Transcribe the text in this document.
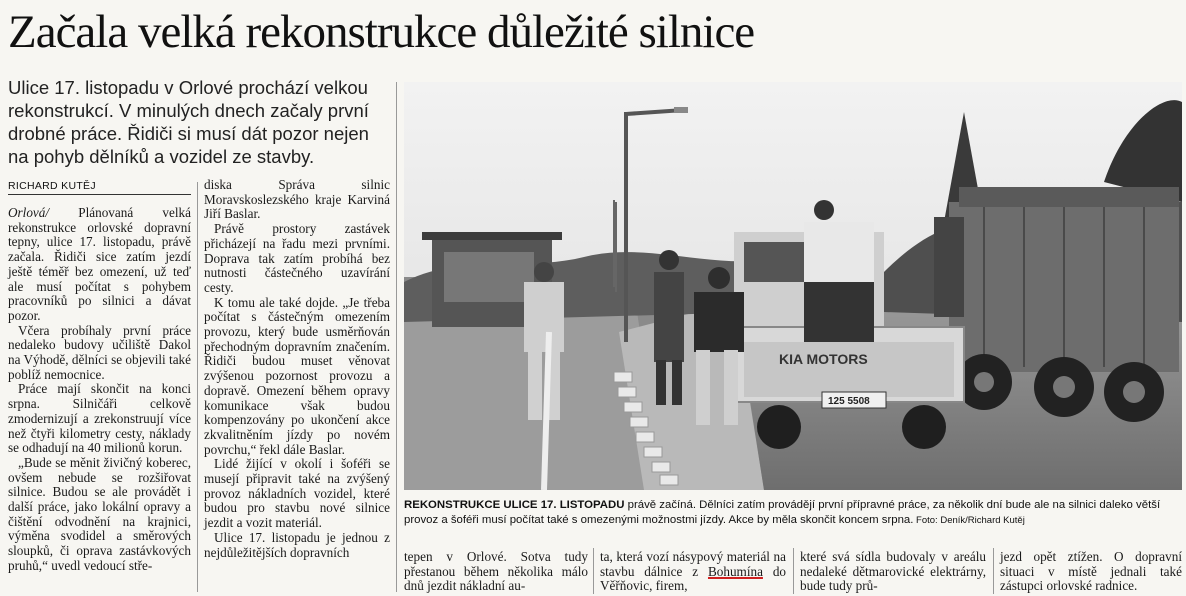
Začala velká rekonstrukce důležité silnice
Ulice 17. listopadu v Orlové prochází velkou rekonstrukcí. V minulých dnech začaly první drobné práce. Řidiči si musí dát pozor nejen na pohyb dělníků a vozidel ze stavby.
RICHARD KUTĚJ

Orlová/ Plánovaná velká rekonstrukce orlovské dopravní tepny, ulice 17. listopadu, právě začala. Řidiči sice zatím jezdí ještě téměř bez omezení, už teď ale musí počítat s pohybem pracovníků po silnici a dávat pozor.

Včera probíhaly první práce nedaleko budovy učiliště Dakol na Výhodě, dělníci se objevili také poblíž nemocnice.

Práce mají skončit na konci srpna. Silničáři celkově zmodernizují a zrekonstruují více než čtyři kilometry cesty, náklady se odhadují na 40 milionů korun.

„Bude se měnit živičný koberec, ovšem nebude se rozšiřovat silnice. Budou se ale provádět i další práce, jako lokální opravy a čištění odvodnění na krajnici, výměna svodidel a směrových sloupků, či oprava zastávkových pruhů,“ uvedl vedoucí stře-

diska Správa silnic Moravskoslezského kraje Karviná Jiří Baslar.

Právě prostory zastávek přicházejí na řadu mezi prvními. Doprava tak zatím probíhá bez nutnosti částečného uzavírání cesty.

K tomu ale také dojde. „Je třeba počítat s částečným omezením provozu, který bude usměrňován přechodným dopravním značením. Řidiči budou muset věnovat zvýšenou pozornost provozu a dopravě. Omezení během opravy komunikace však budou kompenzovány po ukončení akce zkvalitněním jízdy po novém povrchu,“ řekl dále Baslar.

Lidé žijící v okolí i šoféři se musejí připravit také na zvýšený provoz nákladních vozidel, které budou pro stavbu nové silnice jezdit a vozit materiál.

Ulice 17. listopadu je jednou z nejdůležitějších dopravních

KIA MOTORS
125 5508
REKONSTRUKCE ULICE 17. LISTOPADU právě začíná. Dělníci zatím provádějí první přípravné práce, za několik dní bude ale na silnici daleko větší provoz a šoféři musí počítat také s omezenými možnostmi jízdy. Akce by měla skončit koncem srpna. Foto: Deník/Richard Kutěj
tepen v Orlové. Sotva tudy přestanou během několika málo dnů jezdit nákladní au-
ta, která vozí násypový materiál na stavbu dálnice z Bohumína do Věřňovic, firem,
které svá sídla budovaly v areálu nedaleké dětmarovické elektrárny, bude tudy prů-
jezd opět ztížen. O dopravní situaci v místě jednali také zástupci orlovské radnice.
